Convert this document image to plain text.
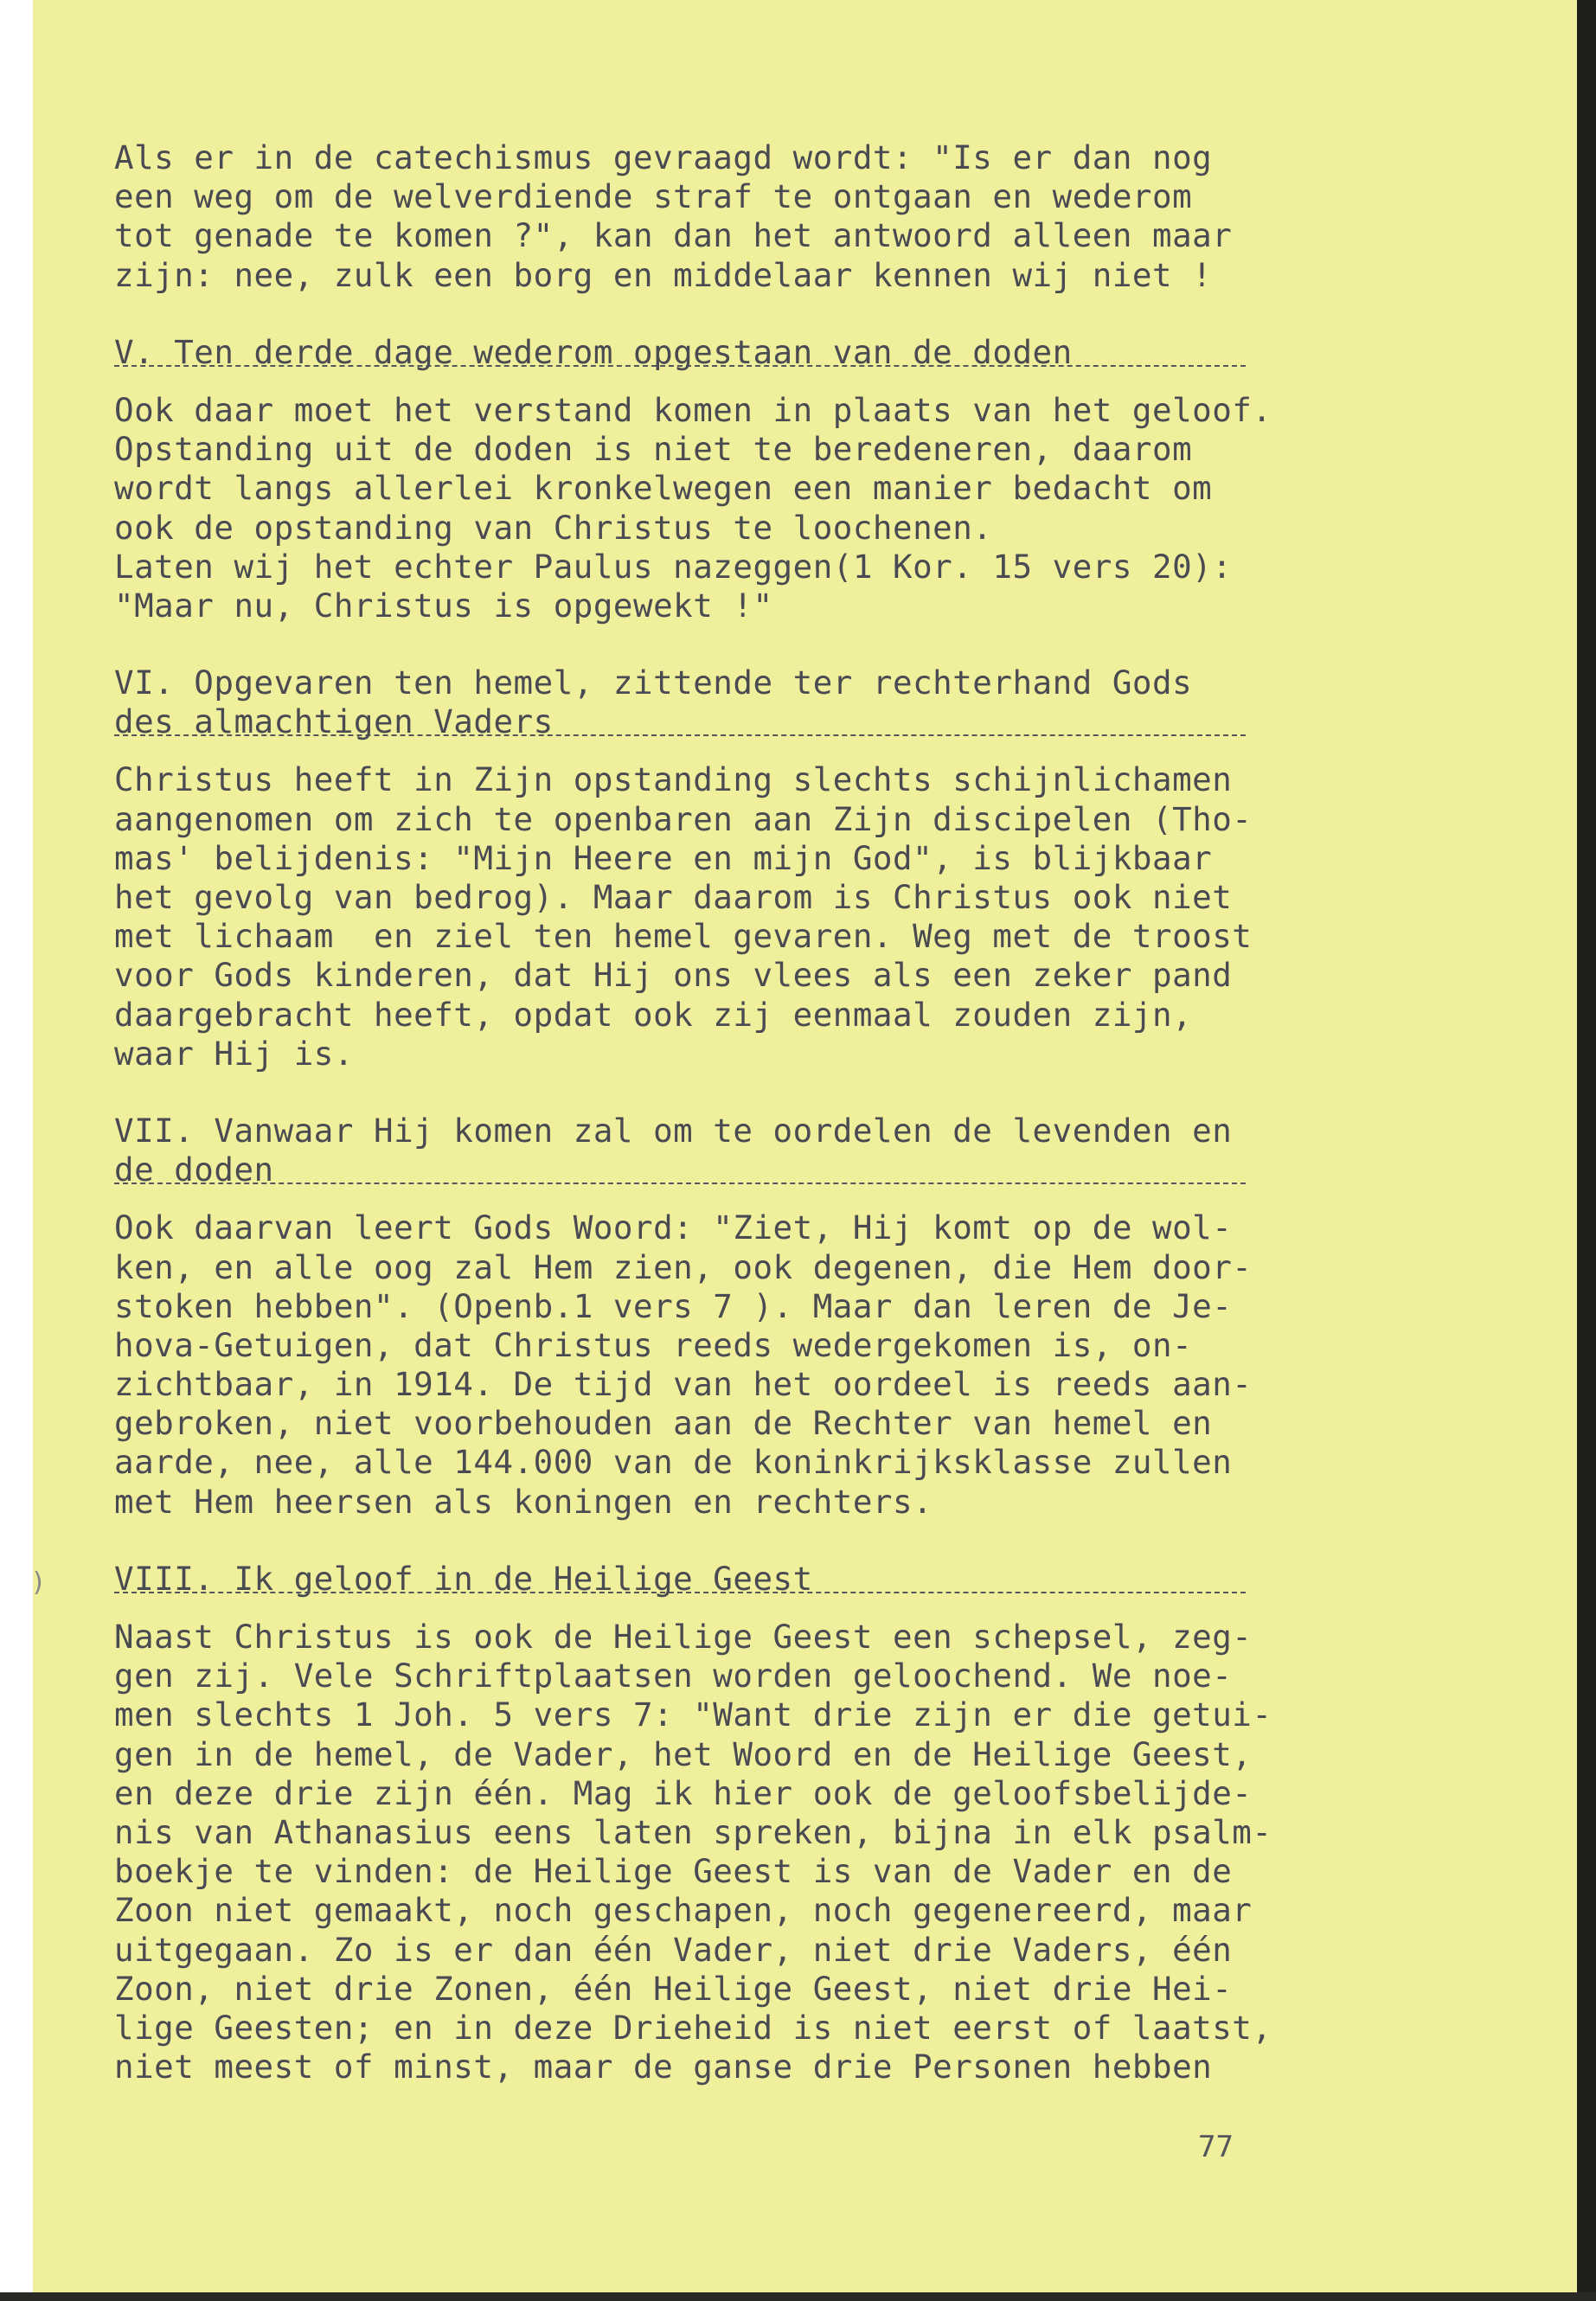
)
Als er in de catechismus gevraagd wordt: "Is er dan nog
een weg om de welverdiende straf te ontgaan en wederom
tot genade te komen ?", kan dan het antwoord alleen maar
zijn: nee, zulk een borg en middelaar kennen wij niet !
V. Ten derde dage wederom opgestaan van de doden
Ook daar moet het verstand komen in plaats van het geloof.
Opstanding uit de doden is niet te beredeneren, daarom
wordt langs allerlei kronkelwegen een manier bedacht om
ook de opstanding van Christus te loochenen.
Laten wij het echter Paulus nazeggen(1 Kor. 15 vers 20):
"Maar nu, Christus is opgewekt !"
VI. Opgevaren ten hemel, zittende ter rechterhand Gods
des almachtigen Vaders
Christus heeft in Zijn opstanding slechts schijnlichamen
aangenomen om zich te openbaren aan Zijn discipelen (Tho-
mas' belijdenis: "Mijn Heere en mijn God", is blijkbaar
het gevolg van bedrog). Maar daarom is Christus ook niet
met lichaam  en ziel ten hemel gevaren. Weg met de troost
voor Gods kinderen, dat Hij ons vlees als een zeker pand
daargebracht heeft, opdat ook zij eenmaal zouden zijn,
waar Hij is.
VII. Vanwaar Hij komen zal om te oordelen de levenden en
de doden
Ook daarvan leert Gods Woord: "Ziet, Hij komt op de wol-
ken, en alle oog zal Hem zien, ook degenen, die Hem door-
stoken hebben". (Openb.1 vers 7 ). Maar dan leren de Je-
hova-Getuigen, dat Christus reeds wedergekomen is, on-
zichtbaar, in 1914. De tijd van het oordeel is reeds aan-
gebroken, niet voorbehouden aan de Rechter van hemel en
aarde, nee, alle 144.000 van de koninkrijksklasse zullen
met Hem heersen als koningen en rechters.
VIII. Ik geloof in de Heilige Geest
Naast Christus is ook de Heilige Geest een schepsel, zeg-
gen zij. Vele Schriftplaatsen worden geloochend. We noe-
men slechts 1 Joh. 5 vers 7: "Want drie zijn er die getui-
gen in de hemel, de Vader, het Woord en de Heilige Geest,
en deze drie zijn één. Mag ik hier ook de geloofsbelijde-
nis van Athanasius eens laten spreken, bijna in elk psalm-
boekje te vinden: de Heilige Geest is van de Vader en de
Zoon niet gemaakt, noch geschapen, noch gegenereerd, maar
uitgegaan. Zo is er dan één Vader, niet drie Vaders, één
Zoon, niet drie Zonen, één Heilige Geest, niet drie Hei-
lige Geesten; en in deze Drieheid is niet eerst of laatst,
niet meest of minst, maar de ganse drie Personen hebben
77
